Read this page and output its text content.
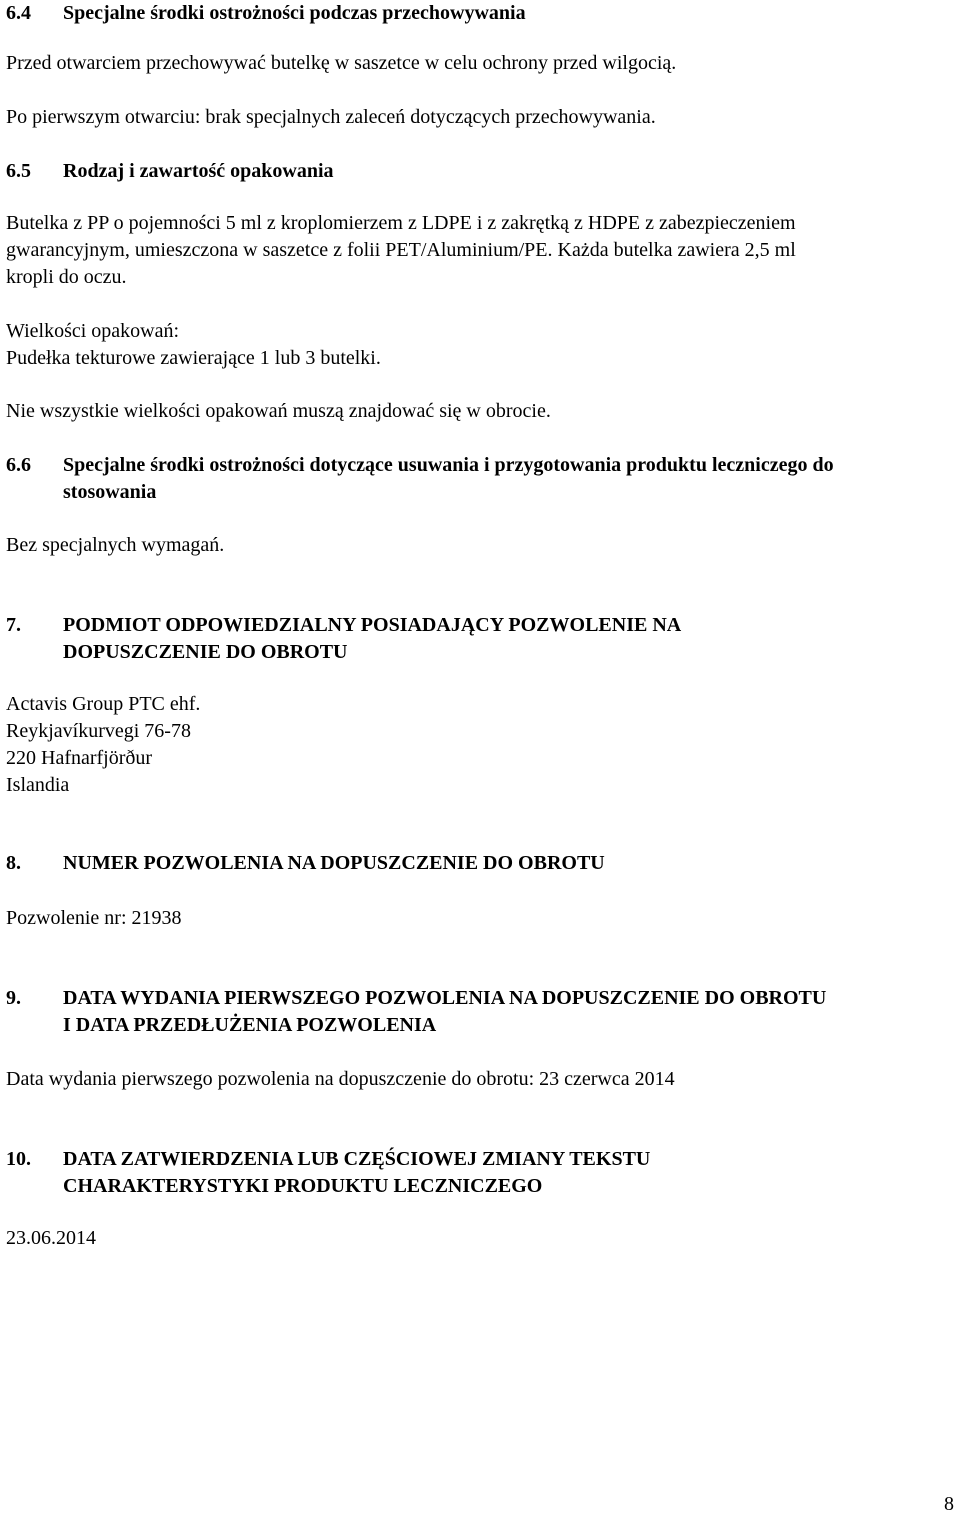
6.4 Specjalne środki ostrożności podczas przechowywania
Przed otwarciem przechowywać butelkę w saszetce w celu ochrony przed wilgocią.
Po pierwszym otwarciu: brak specjalnych zaleceń dotyczących przechowywania.
6.5 Rodzaj i zawartość opakowania
Butelka z PP o pojemności 5 ml z kroplomierzem z LDPE i z zakrętką z HDPE z zabezpieczeniem
gwarancyjnym, umieszczona w saszetce z folii PET/Aluminium/PE. Każda butelka zawiera 2,5 ml
kropli do oczu.
Wielkości opakowań:
Pudełka tekturowe zawierające 1 lub 3 butelki.
Nie wszystkie wielkości opakowań muszą znajdować się w obrocie.
6.6 Specjalne środki ostrożności dotyczące usuwania i przygotowania produktu leczniczego do
stosowania
Bez specjalnych wymagań.
7. PODMIOT ODPOWIEDZIALNY POSIADAJĄCY POZWOLENIE NA
DOPUSZCZENIE DO OBROTU
Actavis Group PTC ehf.
Reykjavíkurvegi 76-78
220 Hafnarfjörður
Islandia
8. NUMER POZWOLENIA NA DOPUSZCZENIE DO OBROTU
Pozwolenie nr: 21938
9. DATA WYDANIA PIERWSZEGO POZWOLENIA NA DOPUSZCZENIE DO OBROTU
I DATA PRZEDŁUŻENIA POZWOLENIA
Data wydania pierwszego pozwolenia na dopuszczenie do obrotu: 23 czerwca 2014
10. DATA ZATWIERDZENIA LUB CZĘŚCIOWEJ ZMIANY TEKSTU
CHARAKTERYSTYKI PRODUKTU LECZNICZEGO
23.06.2014
8
